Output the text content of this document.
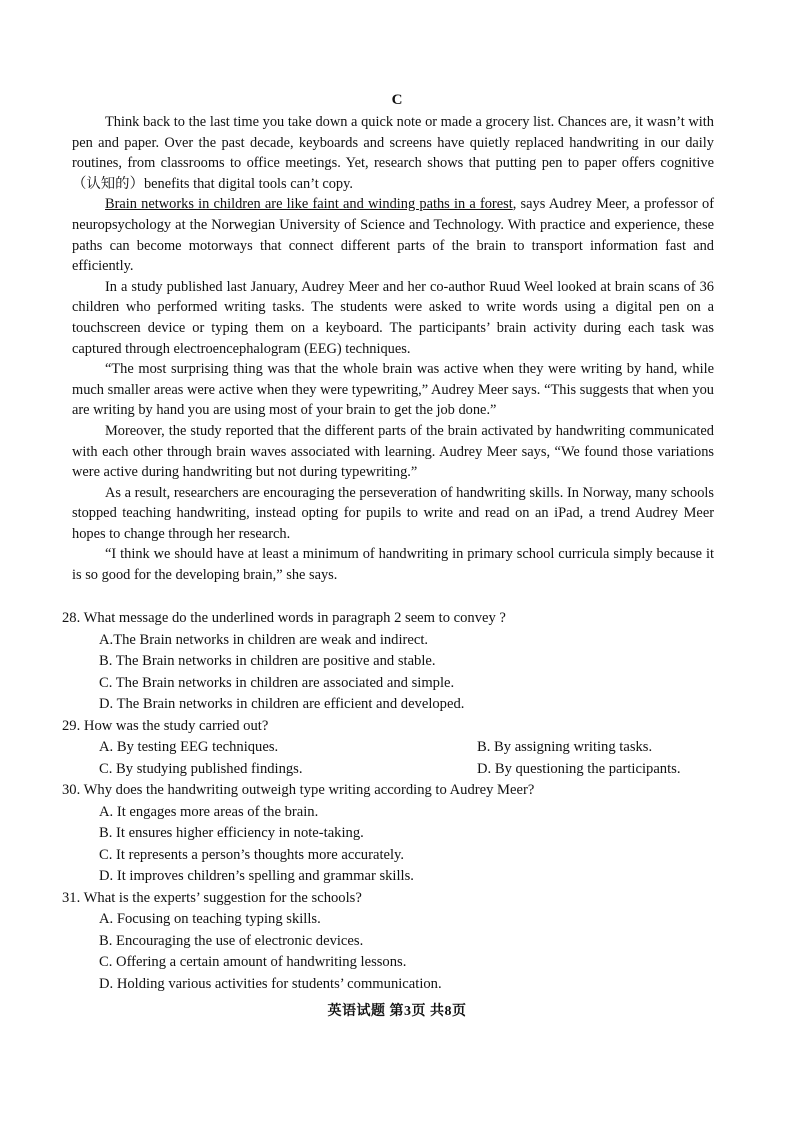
C

Think back to the last time you take down a quick note or made a grocery list. Chances are, it wasn’t with pen and paper. Over the past decade, keyboards and screens have quietly replaced handwriting in our daily routines, from classrooms to office meetings. Yet, research shows that putting pen to paper offers cognitive（认知的）benefits that digital tools can’t copy.

Brain networks in children are like faint and winding paths in a forest, says Audrey Meer, a professor of neuropsychology at the Norwegian University of Science and Technology. With practice and experience, these paths can become motorways that connect different parts of the brain to transport information fast and efficiently.

In a study published last January, Audrey Meer and her co-author Ruud Weel looked at brain scans of 36 children who performed writing tasks. The students were asked to write words using a digital pen on a touchscreen device or typing them on a keyboard. The participants’ brain activity during each task was captured through electroencephalogram (EEG) techniques.

“The most surprising thing was that the whole brain was active when they were writing by hand, while much smaller areas were active when they were typewriting,” Audrey Meer says. “This suggests that when you are writing by hand you are using most of your brain to get the job done.”

Moreover, the study reported that the different parts of the brain activated by handwriting communicated with each other through brain waves associated with learning. Audrey Meer says, “We found those variations were active during handwriting but not during typewriting.”

As a result, researchers are encouraging the perseveration of handwriting skills. In Norway, many schools stopped teaching handwriting, instead opting for pupils to write and read on an iPad, a trend Audrey Meer hopes to change through her research.

“I think we should have at least a minimum of handwriting in primary school curricula simply because it is so good for the developing brain,” she says.

28. What message do the underlined words in paragraph 2 seem to convey ?
A.The Brain networks in children are weak and indirect.
B. The Brain networks in children are positive and stable.
C. The Brain networks in children are associated and simple.
D. The Brain networks in children are efficient and developed.
29. How was the study carried out?
A. By testing EEG techniques.	B. By assigning writing tasks.
C. By studying published findings.	D. By questioning the participants.
30. Why does the handwriting outweigh type writing according to Audrey Meer?
A. It engages more areas of the brain.
B. It ensures higher efficiency in note-taking.
C. It represents a person’s thoughts more accurately.
D. It improves children’s spelling and grammar skills.
31. What is the experts’ suggestion for the schools?
A. Focusing on teaching typing skills.
B. Encouraging the use of electronic devices.
C. Offering a certain amount of handwriting lessons.
D. Holding various activities for students’ communication.
英语试题 第3页 共8页
